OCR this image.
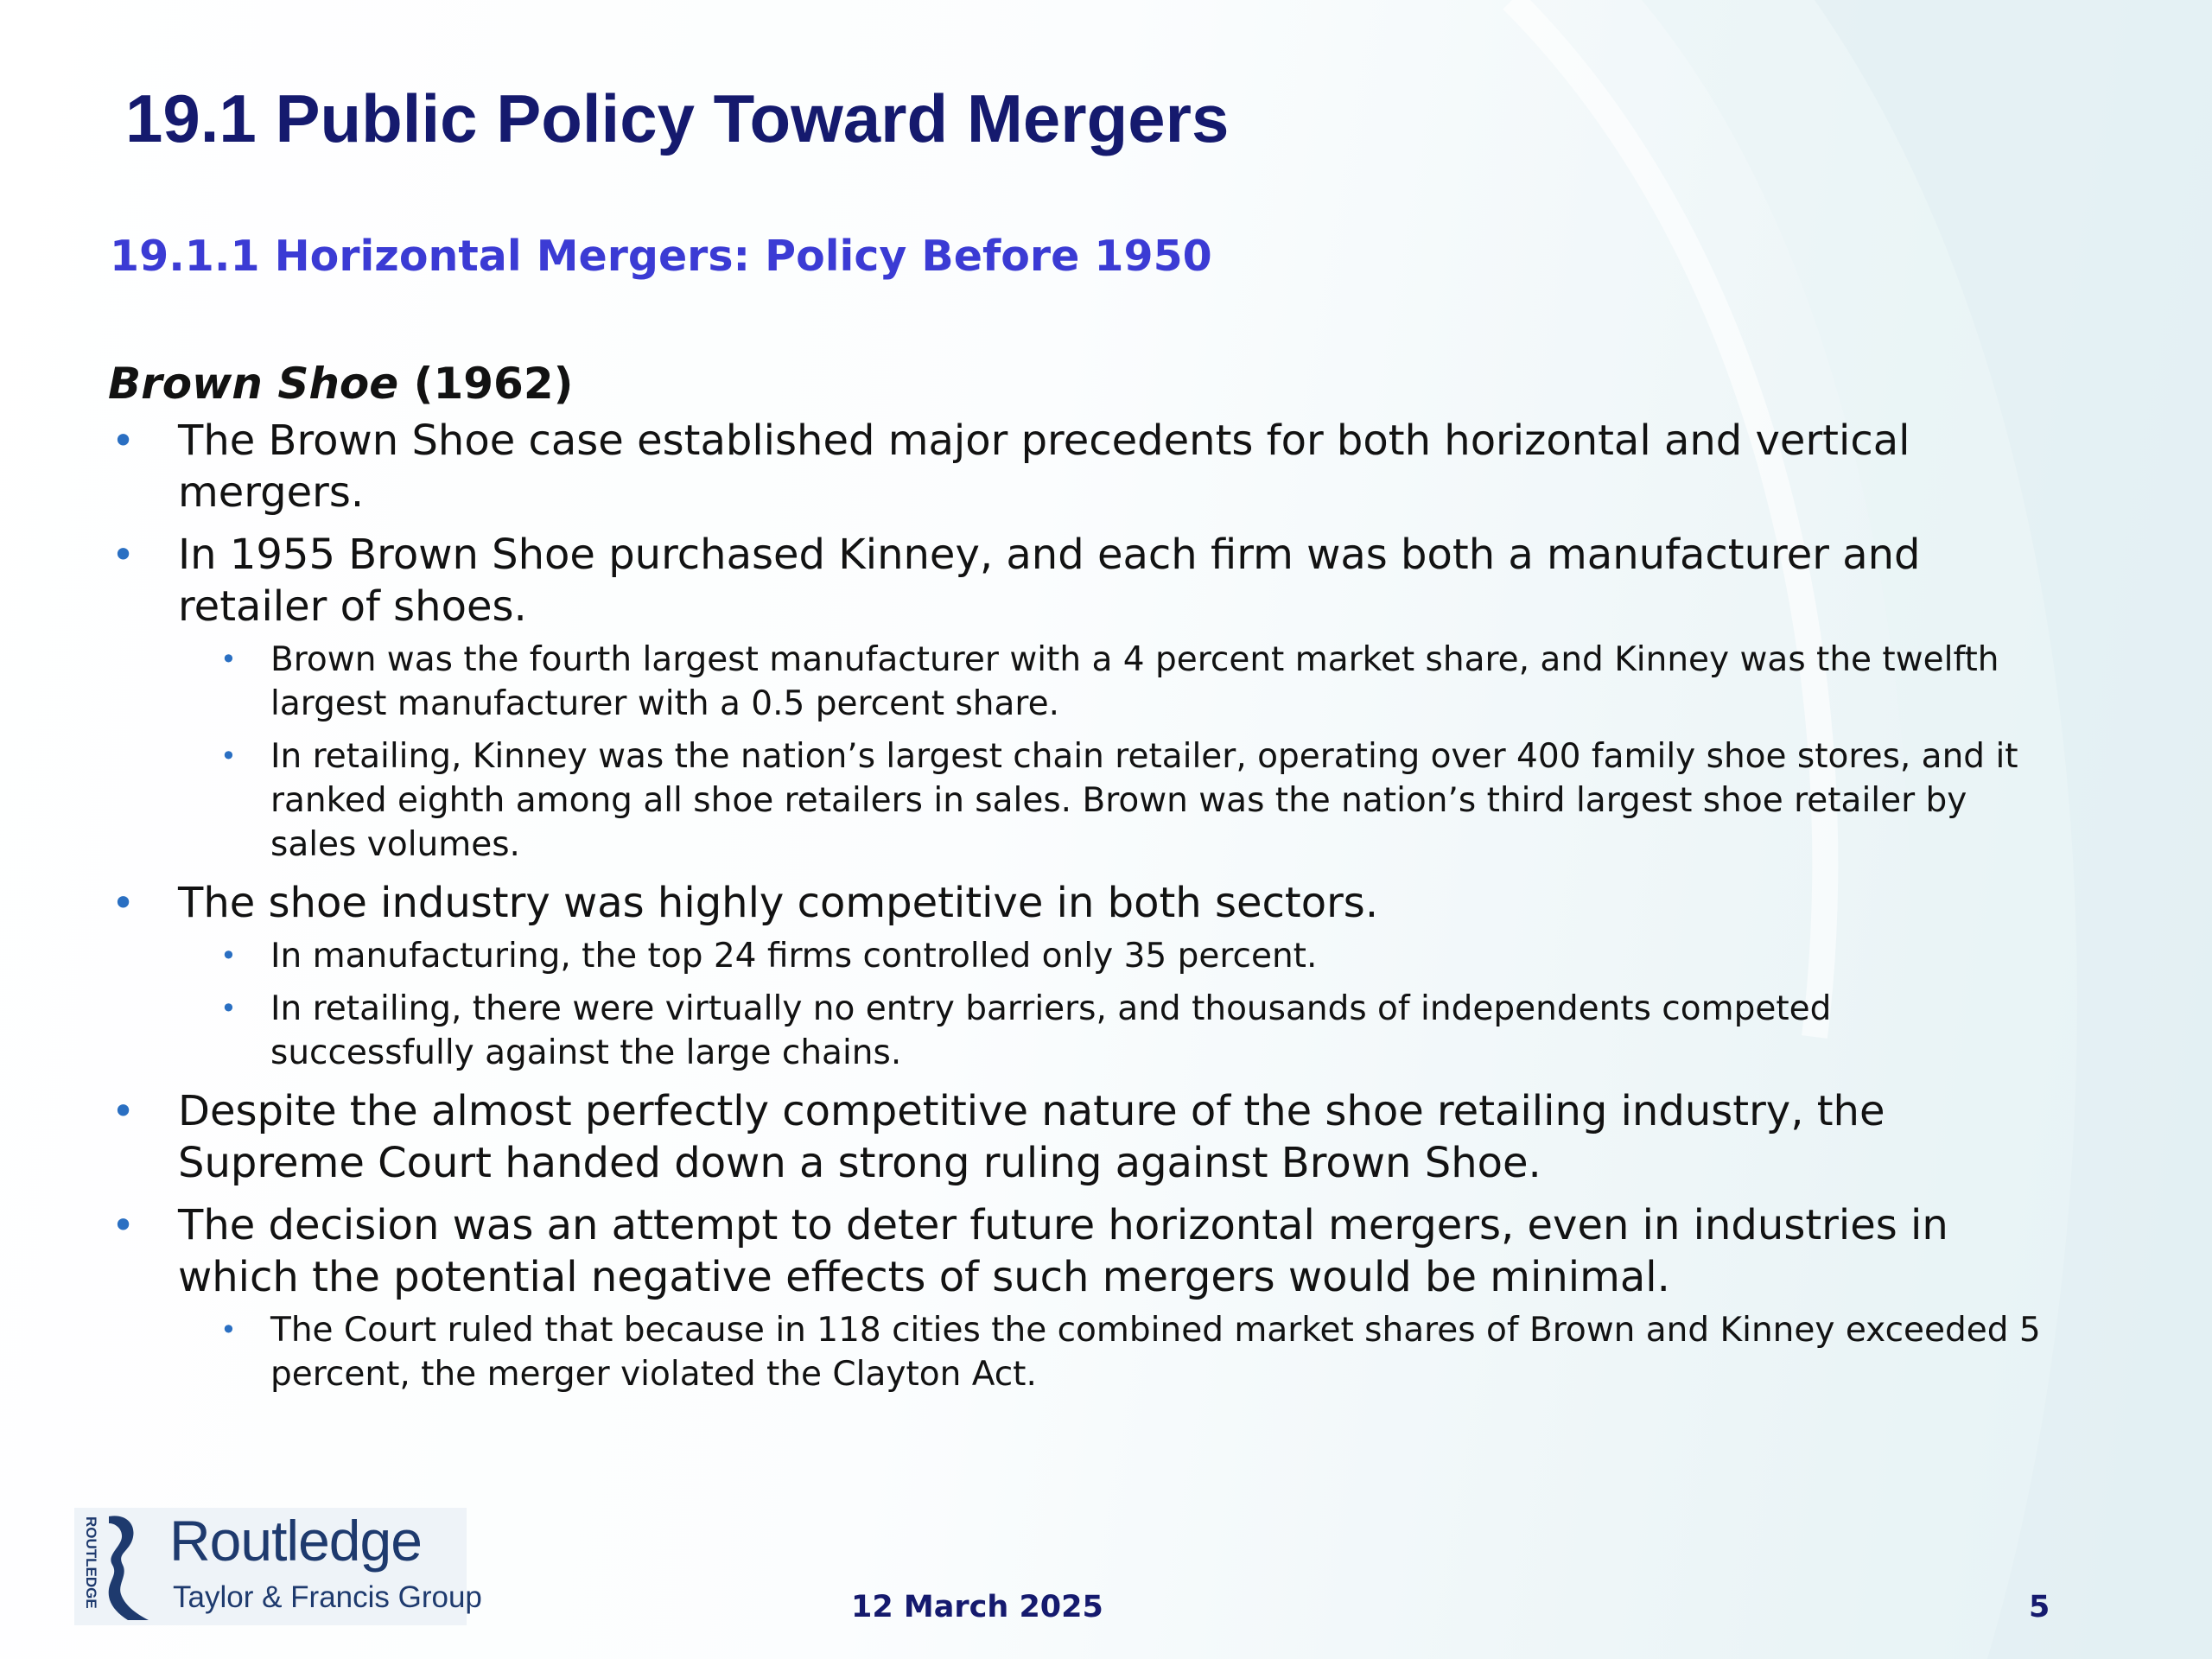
19.1 Public Policy Toward Mergers
19.1.1 Horizontal Mergers: Policy Before 1950

Brown Shoe (1962)

• The Brown Shoe case established major precedents for both horizontal and vertical mergers.
• In 1955 Brown Shoe purchased Kinney, and each firm was both a manufacturer and retailer of shoes.
• Brown was the fourth largest manufacturer with a 4 percent market share, and Kinney was the twelfth largest manufacturer with a 0.5 percent share.
• In retailing, Kinney was the nation’s largest chain retailer, operating over 400 family shoe stores, and it ranked eighth among all shoe retailers in sales. Brown was the nation’s third largest shoe retailer by sales volumes.
• The shoe industry was highly competitive in both sectors.
• In manufacturing, the top 24 firms controlled only 35 percent.
• In retailing, there were virtually no entry barriers, and thousands of independents competed successfully against the large chains.
• Despite the almost perfectly competitive nature of the shoe retailing industry, the Supreme Court handed down a strong ruling against Brown Shoe.
• The decision was an attempt to deter future horizontal mergers, even in industries in which the potential negative effects of such mergers would be minimal.
• The Court ruled that because in 118 cities the combined market shares of Brown and Kinney exceeded 5 percent, the merger violated the Clayton Act.
ROUTLEDGE Routledge
Taylor & Francis Group	12 March 2025	5
